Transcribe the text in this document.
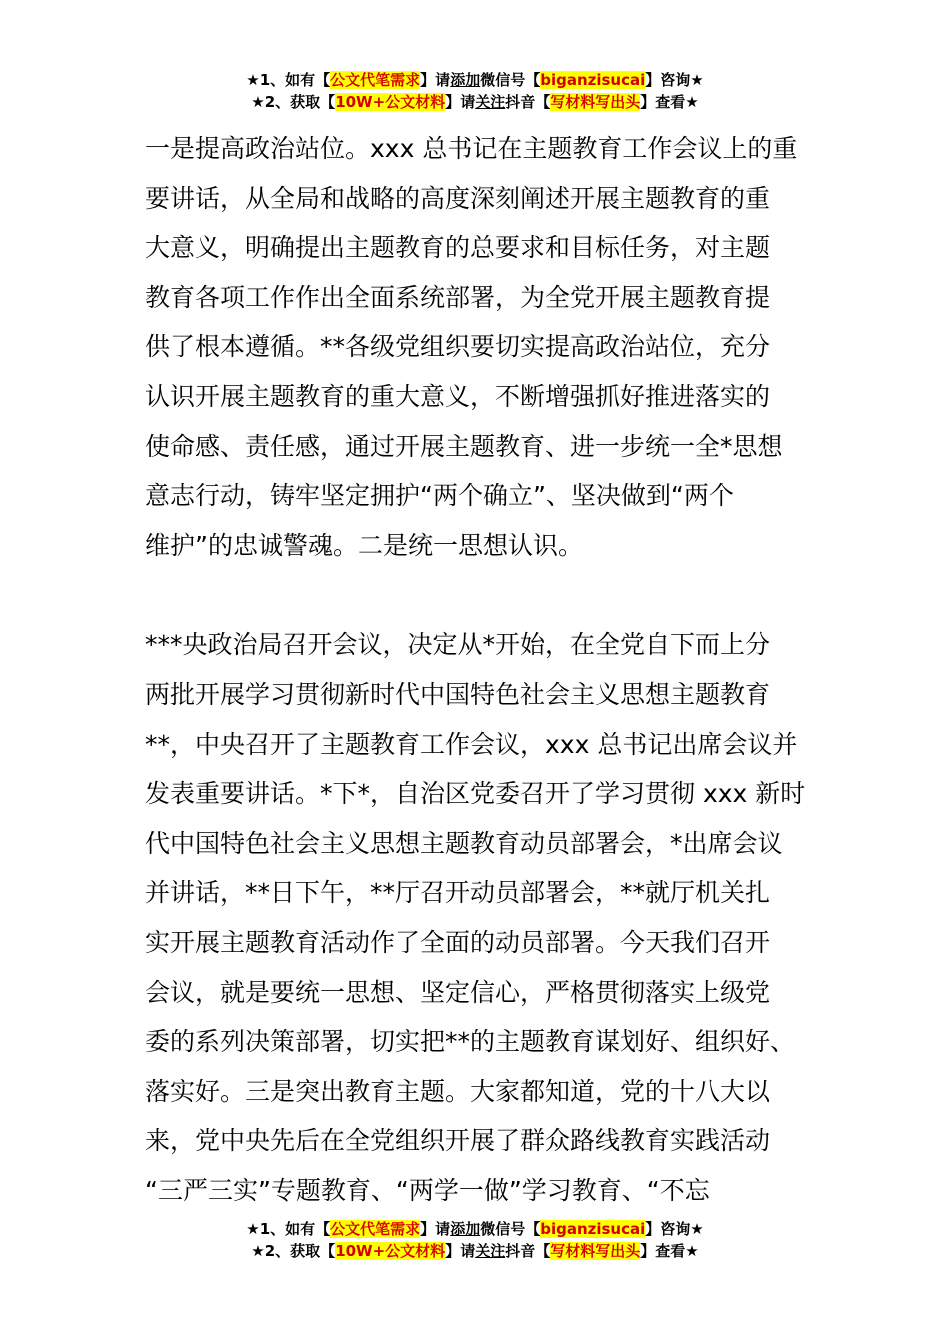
★1、如有【公文代笔需求】请添加微信号【biganzisucai】咨询★
★2、获取【10W+公文材料】请关注抖音【写材料写出头】查看★
一是提高政治站位。xxx 总书记在主题教育工作会议上的重
要讲话，从全局和战略的高度深刻阐述开展主题教育的重
大意义，明确提出主题教育的总要求和目标任务，对主题
教育各项工作作出全面系统部署，为全党开展主题教育提
供了根本遵循。**各级党组织要切实提高政治站位，充分
认识开展主题教育的重大意义，不断增强抓好推进落实的
使命感、责任感，通过开展主题教育、进一步统一全*思想
意志行动，铸牢坚定拥护“两个确立”、坚决做到“两个
维护”的忠诚警魂。二是统一思想认识。
***央政治局召开会议，决定从*开始，在全党自下而上分
两批开展学习贯彻新时代中国特色社会主义思想主题教育
**，中央召开了主题教育工作会议，xxx 总书记出席会议并
发表重要讲话。*下*，自治区党委召开了学习贯彻 xxx 新时
代中国特色社会主义思想主题教育动员部署会，*出席会议
并讲话，**日下午，**厅召开动员部署会，**就厅机关扎
实开展主题教育活动作了全面的动员部署。今天我们召开
会议，就是要统一思想、坚定信心，严格贯彻落实上级党
委的系列决策部署，切实把**的主题教育谋划好、组织好、
落实好。三是突出教育主题。大家都知道，党的十八大以
来，党中央先后在全党组织开展了群众路线教育实践活动
“三严三实”专题教育、“两学一做”学习教育、“不忘
★1、如有【公文代笔需求】请添加微信号【biganzisucai】咨询★
★2、获取【10W+公文材料】请关注抖音【写材料写出头】查看★
